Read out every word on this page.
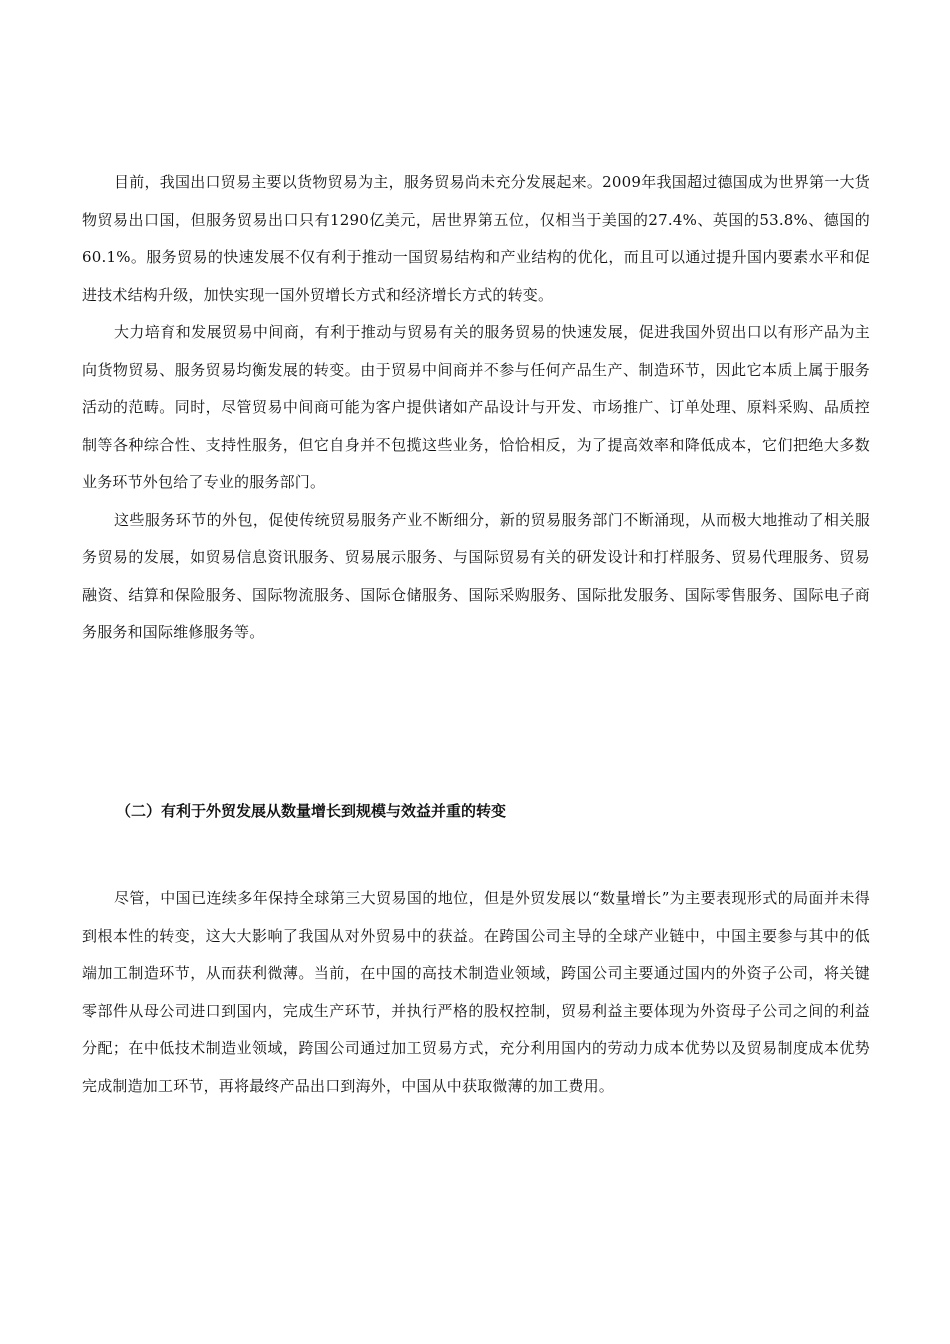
目前，我国出口贸易主要以货物贸易为主，服务贸易尚未充分发展起来。2009年我国超过德国成为世界第一大货物贸易出口国，但服务贸易出口只有1290亿美元，居世界第五位，仅相当于美国的27.4%、英国的53.8%、德国的60.1%。服务贸易的快速发展不仅有利于推动一国贸易结构和产业结构的优化，而且可以通过提升国内要素水平和促进技术结构升级，加快实现一国外贸增长方式和经济增长方式的转变。

大力培育和发展贸易中间商，有利于推动与贸易有关的服务贸易的快速发展，促进我国外贸出口以有形产品为主向货物贸易、服务贸易均衡发展的转变。由于贸易中间商并不参与任何产品生产、制造环节，因此它本质上属于服务活动的范畴。同时，尽管贸易中间商可能为客户提供诸如产品设计与开发、市场推广、订单处理、原料采购、品质控制等各种综合性、支持性服务，但它自身并不包揽这些业务，恰恰相反，为了提高效率和降低成本，它们把绝大多数业务环节外包给了专业的服务部门。

这些服务环节的外包，促使传统贸易服务产业不断细分，新的贸易服务部门不断涌现，从而极大地推动了相关服务贸易的发展，如贸易信息资讯服务、贸易展示服务、与国际贸易有关的研发设计和打样服务、贸易代理服务、贸易融资、结算和保险服务、国际物流服务、国际仓储服务、国际采购服务、国际批发服务、国际零售服务、国际电子商务服务和国际维修服务等。

（二）有利于外贸发展从数量增长到规模与效益并重的转变

尽管，中国已连续多年保持全球第三大贸易国的地位，但是外贸发展以“数量增长”为主要表现形式的局面并未得到根本性的转变，这大大影响了我国从对外贸易中的获益。在跨国公司主导的全球产业链中，中国主要参与其中的低端加工制造环节，从而获利微薄。当前，在中国的高技术制造业领域，跨国公司主要通过国内的外资子公司，将关键零部件从母公司进口到国内，完成生产环节，并执行严格的股权控制，贸易利益主要体现为外资母子公司之间的利益分配；在中低技术制造业领域，跨国公司通过加工贸易方式，充分利用国内的劳动力成本优势以及贸易制度成本优势完成制造加工环节，再将最终产品出口到海外，中国从中获取微薄的加工费用。
